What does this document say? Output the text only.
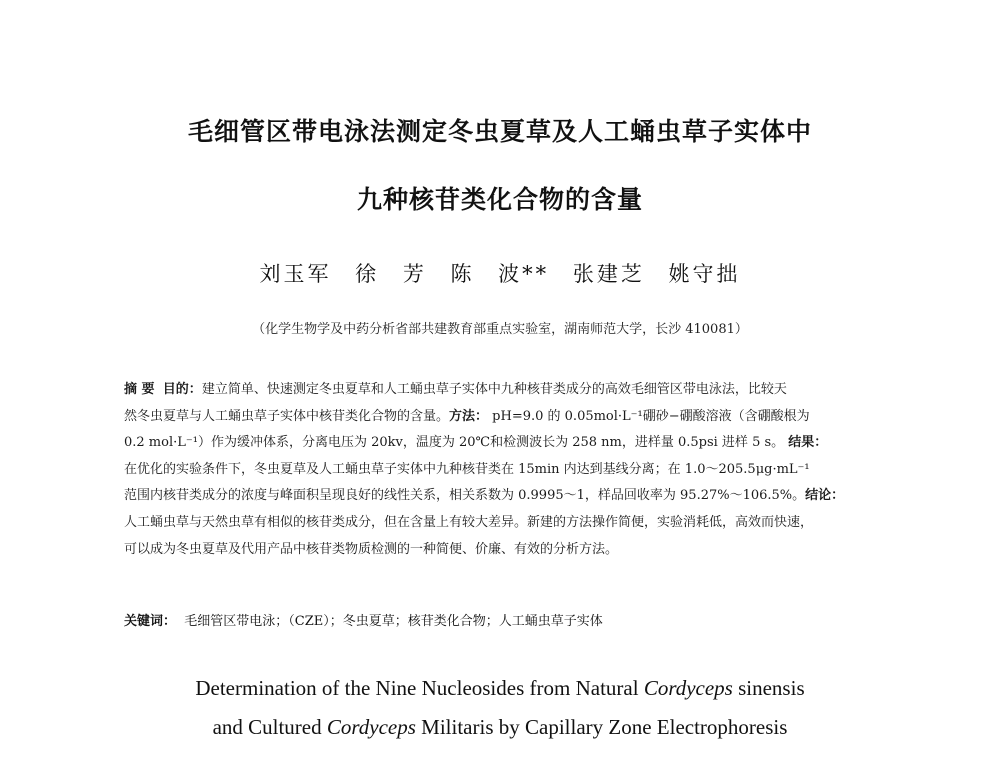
毛细管区带电泳法测定冬虫夏草及人工蛹虫草子实体中
九种核苷类化合物的含量
刘玉军 徐 芳 陈 波** 张建芝 姚守拙
（化学生物学及中药分析省部共建教育部重点实验室，湖南师范大学，长沙 410081）
摘 要 目的：建立简单、快速测定冬虫夏草和人工蛹虫草子实体中九种核苷类成分的高效毛细管区带电泳法，比较天
然冬虫夏草与人工蛹虫草子实体中核苷类化合物的含量。方法： pH=9.0 的 0.05mol·L⁻¹硼砂−硼酸溶液（含硼酸根为
0.2 mol·L⁻¹）作为缓冲体系，分离电压为 20kv，温度为 20℃和检测波长为 258 nm，进样量 0.5psi 进样 5 s。 结果：
在优化的实验条件下，冬虫夏草及人工蛹虫草子实体中九种核苷类在 15min 内达到基线分离；在 1.0～205.5μg·mL⁻¹
范围内核苷类成分的浓度与峰面积呈现良好的线性关系，相关系数为 0.9995～1，样品回收率为 95.27%～106.5%。结论：
人工蛹虫草与天然虫草有相似的核苷类成分，但在含量上有较大差异。新建的方法操作简便，实验消耗低，高效而快速，
可以成为冬虫夏草及代用产品中核苷类物质检测的一种简便、价廉、有效的分析方法。
关键词： 毛细管区带电泳；（CZE）；冬虫夏草；核苷类化合物；人工蛹虫草子实体
Determination of the Nine Nucleosides from Natural Cordyceps sinensis
and Cultured Cordyceps Militaris by Capillary Zone Electrophoresis
